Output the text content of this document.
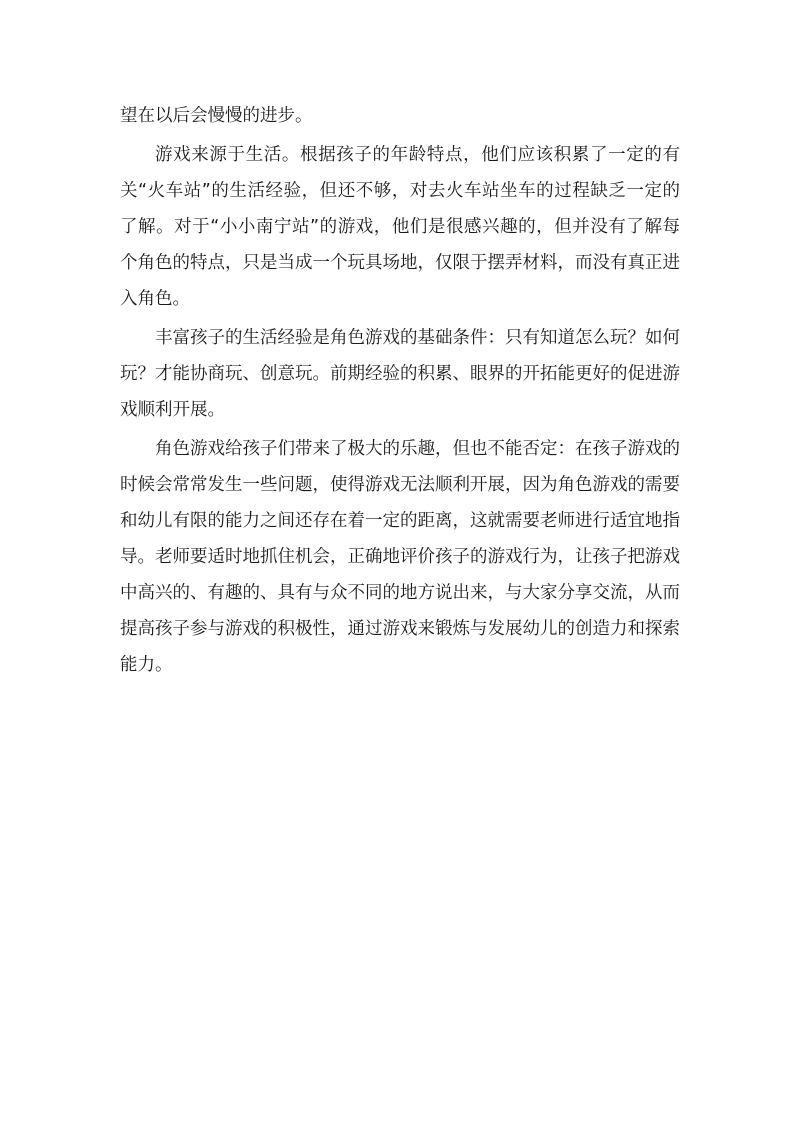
望在以后会慢慢的进步。

游戏来源于生活。根据孩子的年龄特点，他们应该积累了一定的有关“火车站”的生活经验，但还不够，对去火车站坐车的过程缺乏一定的了解。对于“小小南宁站”的游戏，他们是很感兴趣的，但并没有了解每个角色的特点，只是当成一个玩具场地，仅限于摆弄材料，而没有真正进入角色。

丰富孩子的生活经验是角色游戏的基础条件：只有知道怎么玩？如何玩？才能协商玩、创意玩。前期经验的积累、眼界的开拓能更好的促进游戏顺利开展。

角色游戏给孩子们带来了极大的乐趣，但也不能否定：在孩子游戏的时候会常常发生一些问题，使得游戏无法顺利开展，因为角色游戏的需要和幼儿有限的能力之间还存在着一定的距离，这就需要老师进行适宜地指导。老师要适时地抓住机会，正确地评价孩子的游戏行为，让孩子把游戏中高兴的、有趣的、具有与众不同的地方说出来，与大家分享交流，从而提高孩子参与游戏的积极性，通过游戏来锻炼与发展幼儿的创造力和探索能力。
